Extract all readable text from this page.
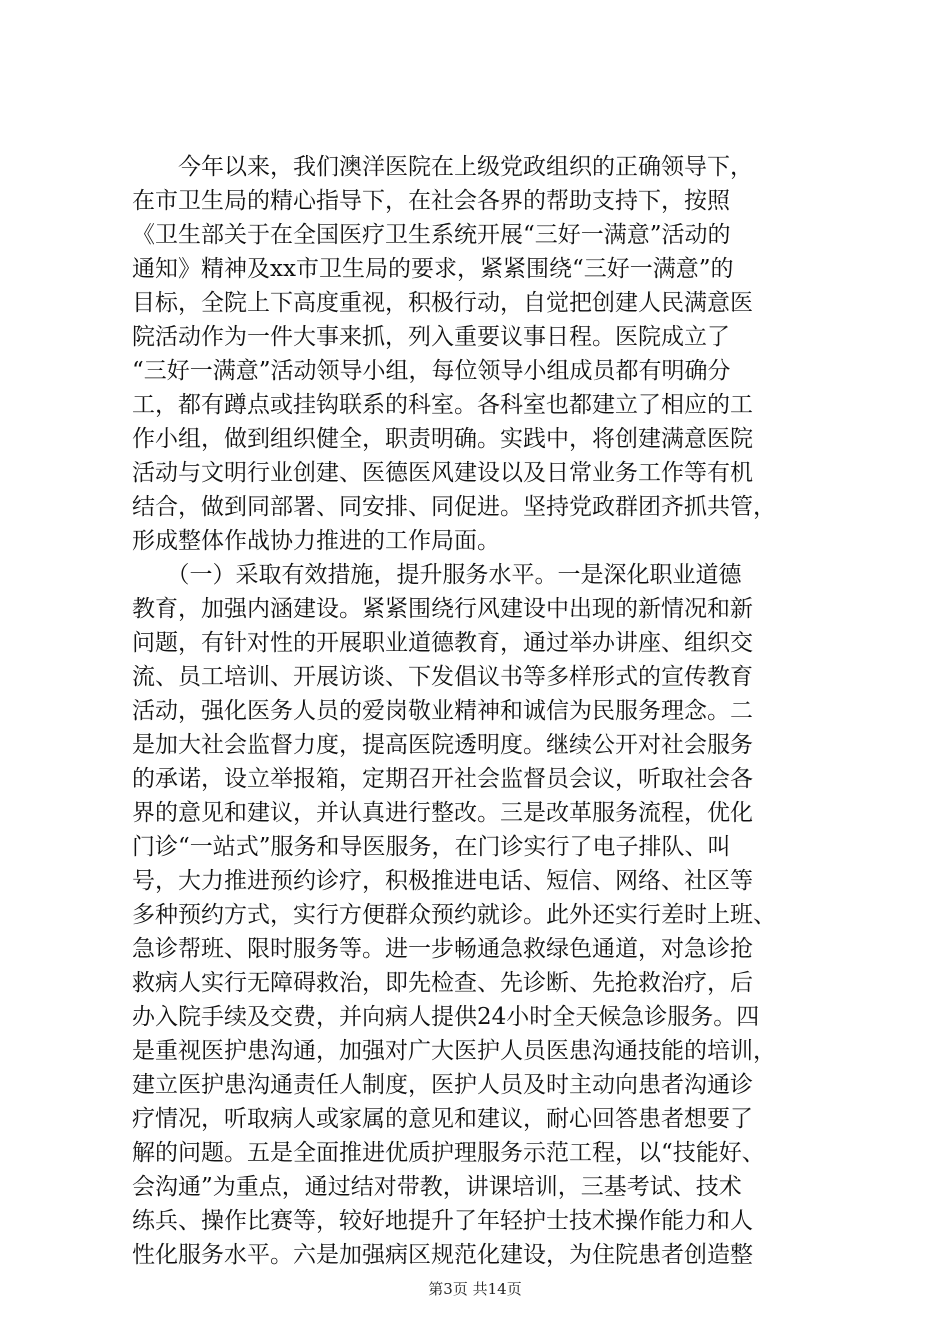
　　今年以来，我们澳洋医院在上级党政组织的正确领导下，
在市卫生局的精心指导下，在社会各界的帮助支持下，按照
《卫生部关于在全国医疗卫生系统开展“三好一满意”活动的
通知》精神及xx市卫生局的要求，紧紧围绕“三好一满意”的
目标，全院上下高度重视，积极行动，自觉把创建人民满意医
院活动作为一件大事来抓，列入重要议事日程。医院成立了
“三好一满意”活动领导小组，每位领导小组成员都有明确分
工，都有蹲点或挂钩联系的科室。各科室也都建立了相应的工
作小组，做到组织健全，职责明确。实践中，将创建满意医院
活动与文明行业创建、医德医风建设以及日常业务工作等有机
结合，做到同部署、同安排、同促进。坚持党政群团齐抓共管，
形成整体作战协力推进的工作局面。
　　（一）采取有效措施，提升服务水平。一是深化职业道德
教育，加强内涵建设。紧紧围绕行风建设中出现的新情况和新
问题，有针对性的开展职业道德教育，通过举办讲座、组织交
流、员工培训、开展访谈、下发倡议书等多样形式的宣传教育
活动，强化医务人员的爱岗敬业精神和诚信为民服务理念。二
是加大社会监督力度，提高医院透明度。继续公开对社会服务
的承诺，设立举报箱，定期召开社会监督员会议，听取社会各
界的意见和建议，并认真进行整改。三是改革服务流程，优化
门诊“一站式”服务和导医服务，在门诊实行了电子排队、叫
号，大力推进预约诊疗，积极推进电话、短信、网络、社区等
多种预约方式，实行方便群众预约就诊。此外还实行差时上班、
急诊帮班、限时服务等。进一步畅通急救绿色通道，对急诊抢
救病人实行无障碍救治，即先检查、先诊断、先抢救治疗，后
办入院手续及交费，并向病人提供24小时全天候急诊服务。四
是重视医护患沟通，加强对广大医护人员医患沟通技能的培训，
建立医护患沟通责任人制度，医护人员及时主动向患者沟通诊
疗情况，听取病人或家属的意见和建议，耐心回答患者想要了
解的问题。五是全面推进优质护理服务示范工程，以“技能好、
会沟通”为重点，通过结对带教，讲课培训，三基考试、技术
练兵、操作比赛等，较好地提升了年轻护士技术操作能力和人
性化服务水平。六是加强病区规范化建设，为住院患者创造整
第3页 共14页
